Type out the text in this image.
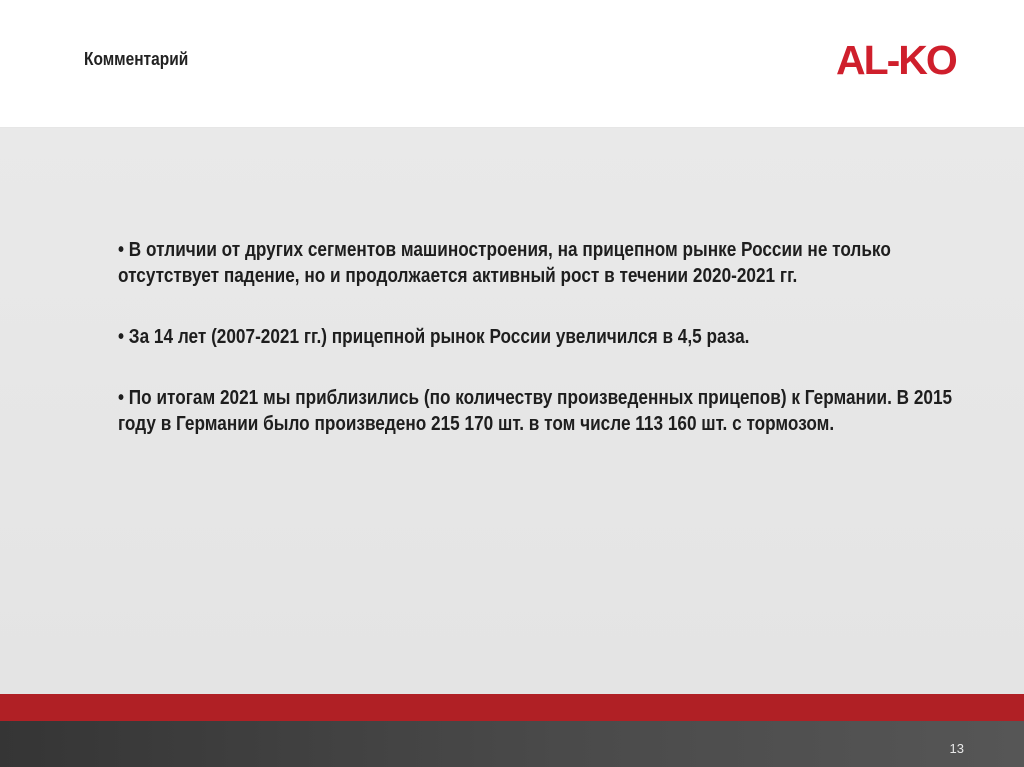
Комментарий	AL-KO
• В отличии от других сегментов машиностроения, на прицепном рынке России не только отсутствует падение, но и продолжается активный рост в течении 2020-2021 гг.
• За 14 лет (2007-2021 гг.) прицепной рынок России увеличился в 4,5 раза.
• По итогам 2021 мы приблизились (по количеству произведенных прицепов) к Германии. В 2015 году в Германии было произведено 215 170 шт. в том числе 113 160 шт. с тормозом.
13
